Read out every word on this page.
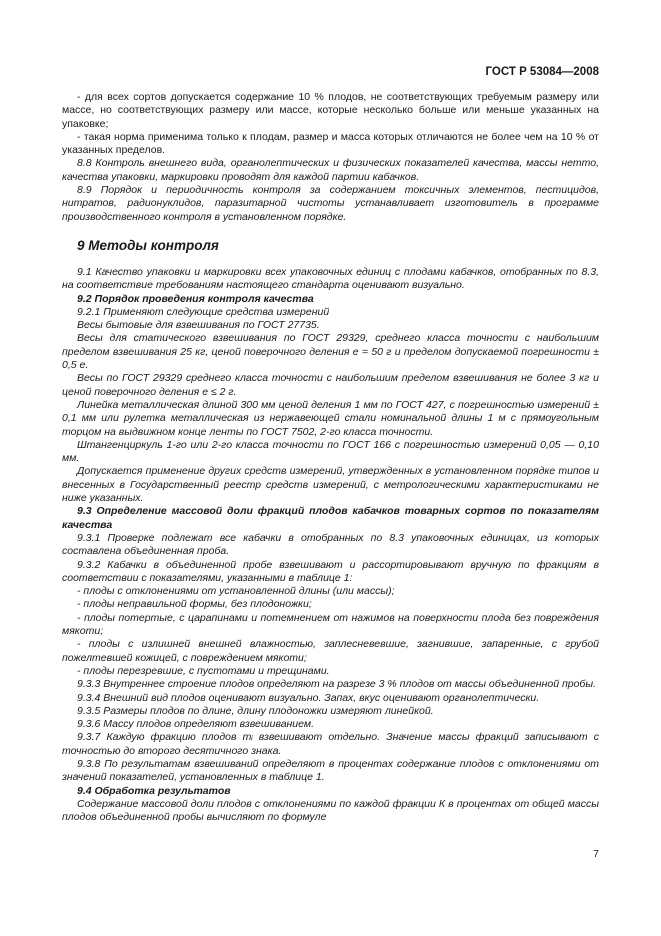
ГОСТ Р 53084—2008

- для всех сортов допускается содержание 10 % плодов, не соответствующих требуемым размеру или массе, но соответствующих размеру или массе, которые несколько больше или меньше указанных на упаковке;

- такая норма применима только к плодам, размер и масса которых отличаются не более чем на 10 % от указанных пределов.

8.8 Контроль внешнего вида, органолептических и физических показателей качества, массы нетто, качества упаковки, маркировки проводят для каждой партии кабачков.

8.9 Порядок и периодичность контроля за содержанием токсичных элементов, пестицидов, нитратов, радионуклидов, паразитарной чистоты устанавливает изготовитель в программе производственного контроля в установленном порядке.

9 Методы контроля

9.1 Качество упаковки и маркировки всех упаковочных единиц с плодами кабачков, отобранных по 8.3, на соответствие требованиям настоящего стандарта оценивают визуально.

9.2 Порядок проведения контроля качества

9.2.1 Применяют следующие средства измерений

Весы бытовые для взвешивания по ГОСТ 27735.

Весы для статического взвешивания по ГОСТ 29329, среднего класса точности с наибольшим пределом взвешивания 25 кг, ценой поверочного деления е = 50 г и пределом допускаемой погрешности ± 0,5 е.

Весы по ГОСТ 29329 среднего класса точности с наибольшим пределом взвешивания не более 3 кг и ценой поверочного деления е ≤ 2 г.

Линейка металлическая длиной 300 мм ценой деления 1 мм по ГОСТ 427, с погрешностью измерений ± 0,1 мм или рулетка металлическая из нержавеющей стали номинальной длины 1 м с прямоугольным торцом на выдвижном конце ленты по ГОСТ 7502, 2-го класса точности.

Штангенциркуль 1-го или 2-го класса точности по ГОСТ 166 с погрешностью измерений 0,05 — 0,10 мм.

Допускается применение других средств измерений, утвержденных в установленном порядке типов и внесенных в Государственный реестр средств измерений, с метрологическими характеристиками не ниже указанных.

9.3 Определение массовой доли фракций плодов кабачков товарных сортов по показателям качества

9.3.1 Проверке подлежат все кабачки в отобранных по 8.3 упаковочных единицах, из которых составлена объединенная проба.

9.3.2 Кабачки в объединенной пробе взвешивают и рассортировывают вручную по фракциям в соответствии с показателями, указанными в таблице 1:

- плоды с отклонениями от установленной длины (или массы);

- плоды неправильной формы, без плодоножки;

- плоды потертые, с царапинами и потемнением от нажимов на поверхности плода без повреждения мякоти;

- плоды с излишней внешней влажностью, заплесневевшие, загнившие, запаренные, с грубой пожелтевшей кожицей, с повреждением мякоти;

- плоды перезревшие, с пустотами и трещинами.

9.3.3 Внутреннее строение плодов определяют на разрезе 3 % плодов от массы объединенной пробы.

9.3.4 Внешний вид плодов оценивают визуально. Запах, вкус оценивают органолептически.

9.3.5 Размеры плодов по длине, длину плодоножки измеряют линейкой.

9.3.6 Массу плодов определяют взвешиванием.

9.3.7 Каждую фракцию плодов mᵢ взвешивают отдельно. Значение массы фракций записывают с точностью до второго десятичного знака.

9.3.8 По результатам взвешиваний определяют в процентах содержание плодов с отклонениями от значений показателей, установленных в таблице 1.

9.4 Обработка результатов

Содержание массовой доли плодов с отклонениями по каждой фракции К в процентах от общей массы плодов объединенной пробы вычисляют по формуле

7
